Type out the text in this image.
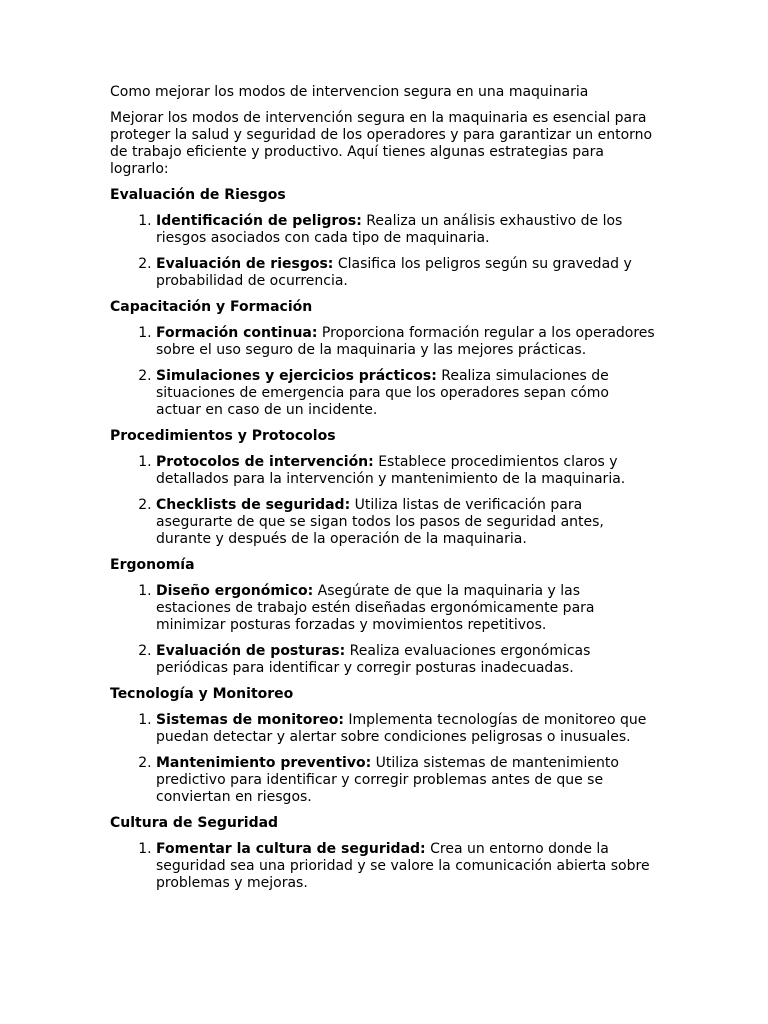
Como mejorar los modos de intervencion segura en una maquinaria

Mejorar los modos de intervención segura en la maquinaria es esencial para proteger la salud y seguridad de los operadores y para garantizar un entorno de trabajo eficiente y productivo. Aquí tienes algunas estrategias para lograrlo:

Evaluación de Riesgos

1. Identificación de peligros: Realiza un análisis exhaustivo de los riesgos asociados con cada tipo de maquinaria.
2. Evaluación de riesgos: Clasifica los peligros según su gravedad y probabilidad de ocurrencia.

Capacitación y Formación

1. Formación continua: Proporciona formación regular a los operadores sobre el uso seguro de la maquinaria y las mejores prácticas.
2. Simulaciones y ejercicios prácticos: Realiza simulaciones de situaciones de emergencia para que los operadores sepan cómo actuar en caso de un incidente.

Procedimientos y Protocolos

1. Protocolos de intervención: Establece procedimientos claros y detallados para la intervención y mantenimiento de la maquinaria.
2. Checklists de seguridad: Utiliza listas de verificación para asegurarte de que se sigan todos los pasos de seguridad antes, durante y después de la operación de la maquinaria.

Ergonomía

1. Diseño ergonómico: Asegúrate de que la maquinaria y las estaciones de trabajo estén diseñadas ergonómicamente para minimizar posturas forzadas y movimientos repetitivos.
2. Evaluación de posturas: Realiza evaluaciones ergonómicas periódicas para identificar y corregir posturas inadecuadas.

Tecnología y Monitoreo

1. Sistemas de monitoreo: Implementa tecnologías de monitoreo que puedan detectar y alertar sobre condiciones peligrosas o inusuales.
2. Mantenimiento preventivo: Utiliza sistemas de mantenimiento predictivo para identificar y corregir problemas antes de que se conviertan en riesgos.

Cultura de Seguridad

1. Fomentar la cultura de seguridad: Crea un entorno donde la seguridad sea una prioridad y se valore la comunicación abierta sobre problemas y mejoras.
